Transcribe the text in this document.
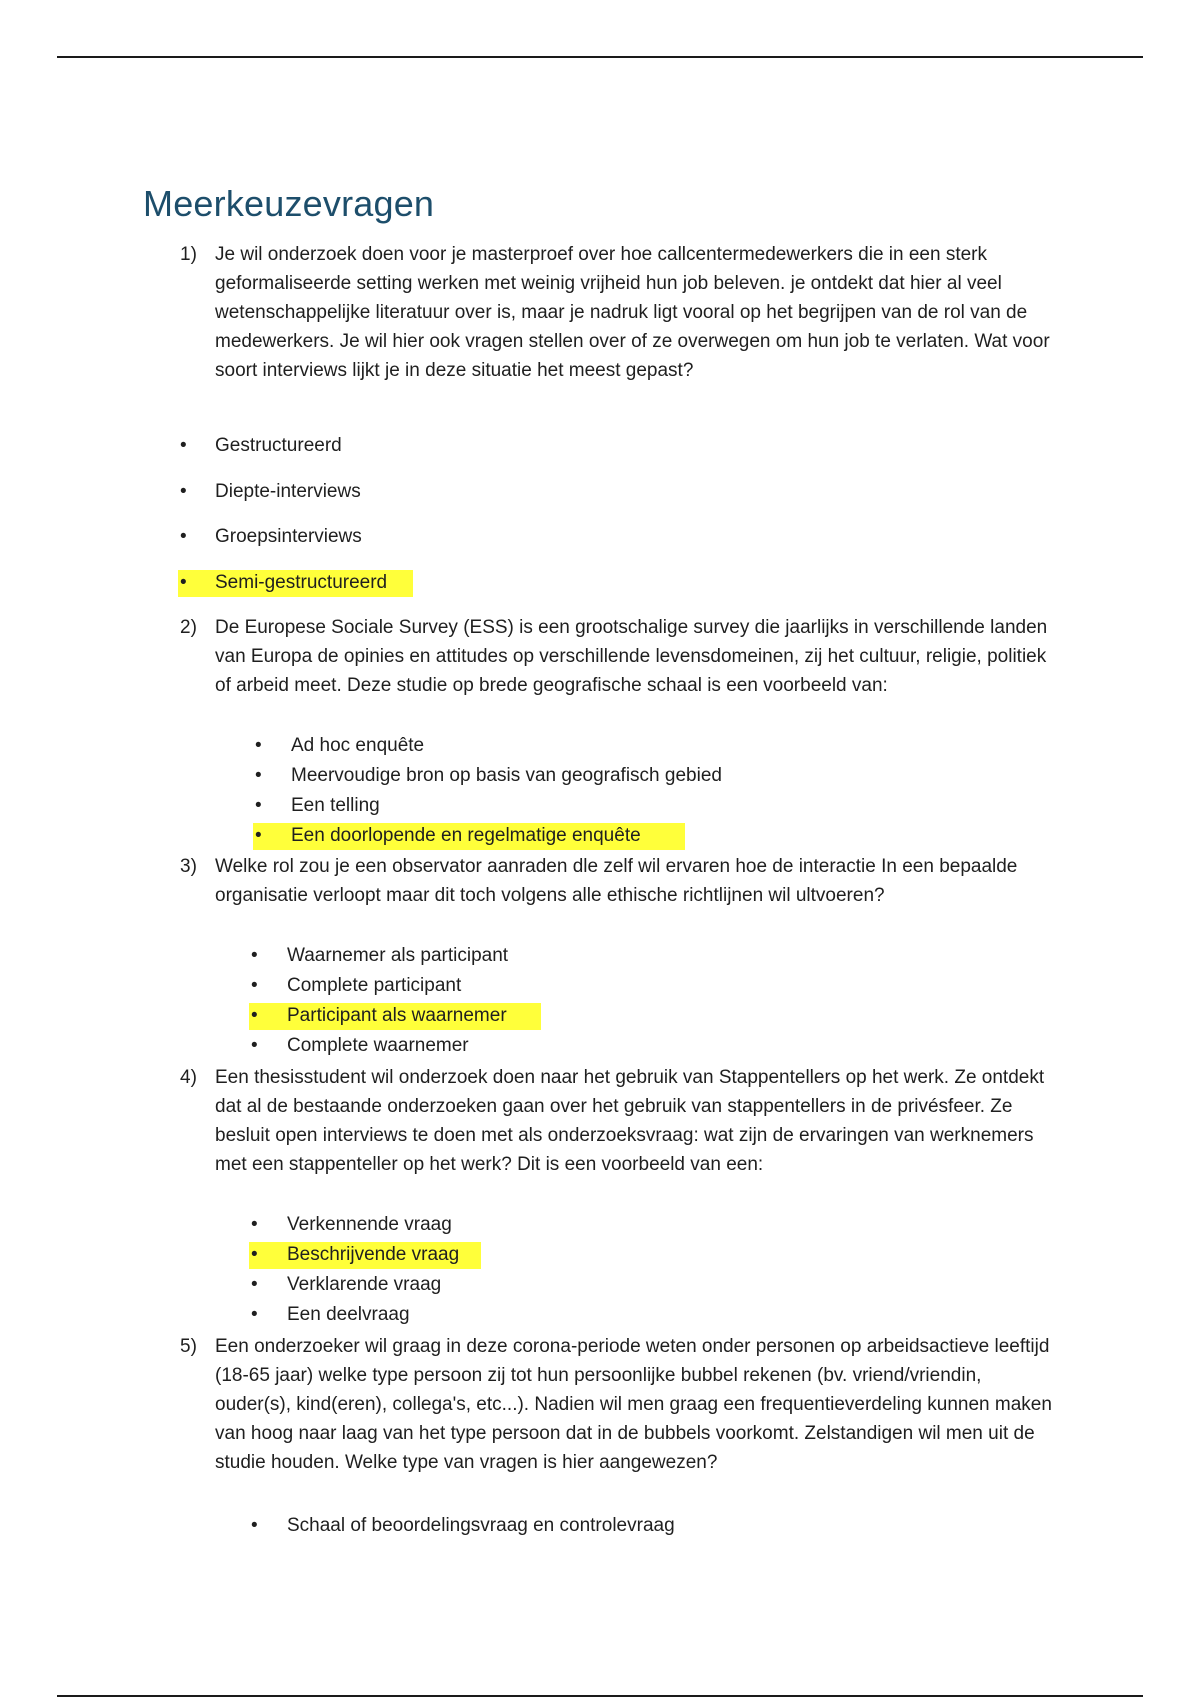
Meerkeuzevragen
1) Je wil onderzoek doen voor je masterproef over hoe callcentermedewerkers die in een sterk geformaliseerde setting werken met weinig vrijheid hun job beleven. je ontdekt dat hier al veel wetenschappelijke literatuur over is, maar je nadruk ligt vooral op het begrijpen van de rol van de medewerkers. Je wil hier ook vragen stellen over of ze overwegen om hun job te verlaten. Wat voor soort interviews lijkt je in deze situatie het meest gepast?
• Gestructureerd
• Diepte-interviews
• Groepsinterviews
• Semi-gestructureerd
2) De Europese Sociale Survey (ESS) is een grootschalige survey die jaarlijks in verschillende landen van Europa de opinies en attitudes op verschillende levensdomeinen, zij het cultuur, religie, politiek of arbeid meet. Deze studie op brede geografische schaal is een voorbeeld van:
• Ad hoc enquête
• Meervoudige bron op basis van geografisch gebied
• Een telling
• Een doorlopende en regelmatige enquête
3) Welke rol zou je een observator aanraden dle zelf wil ervaren hoe de interactie In een bepaalde organisatie verloopt maar dit toch volgens alle ethische richtlijnen wil ultvoeren?
• Waarnemer als participant
• Complete participant
• Participant als waarnemer
• Complete waarnemer
4) Een thesisstudent wil onderzoek doen naar het gebruik van Stappentellers op het werk. Ze ontdekt dat al de bestaande onderzoeken gaan over het gebruik van stappentellers in de privésfeer. Ze besluit open interviews te doen met als onderzoeksvraag: wat zijn de ervaringen van werknemers met een stappenteller op het werk? Dit is een voorbeeld van een:
• Verkennende vraag
• Beschrijvende vraag
• Verklarende vraag
• Een deelvraag
5) Een onderzoeker wil graag in deze corona-periode weten onder personen op arbeidsactieve leeftijd (18-65 jaar) welke type persoon zij tot hun persoonlijke bubbel rekenen (bv. vriend/vriendin, ouder(s), kind(eren), collega's, etc...). Nadien wil men graag een frequentieverdeling kunnen maken van hoog naar laag van het type persoon dat in de bubbels voorkomt. Zelstandigen wil men uit de studie houden. Welke type van vragen is hier aangewezen?
• Schaal of beoordelingsvraag en controlevraag
